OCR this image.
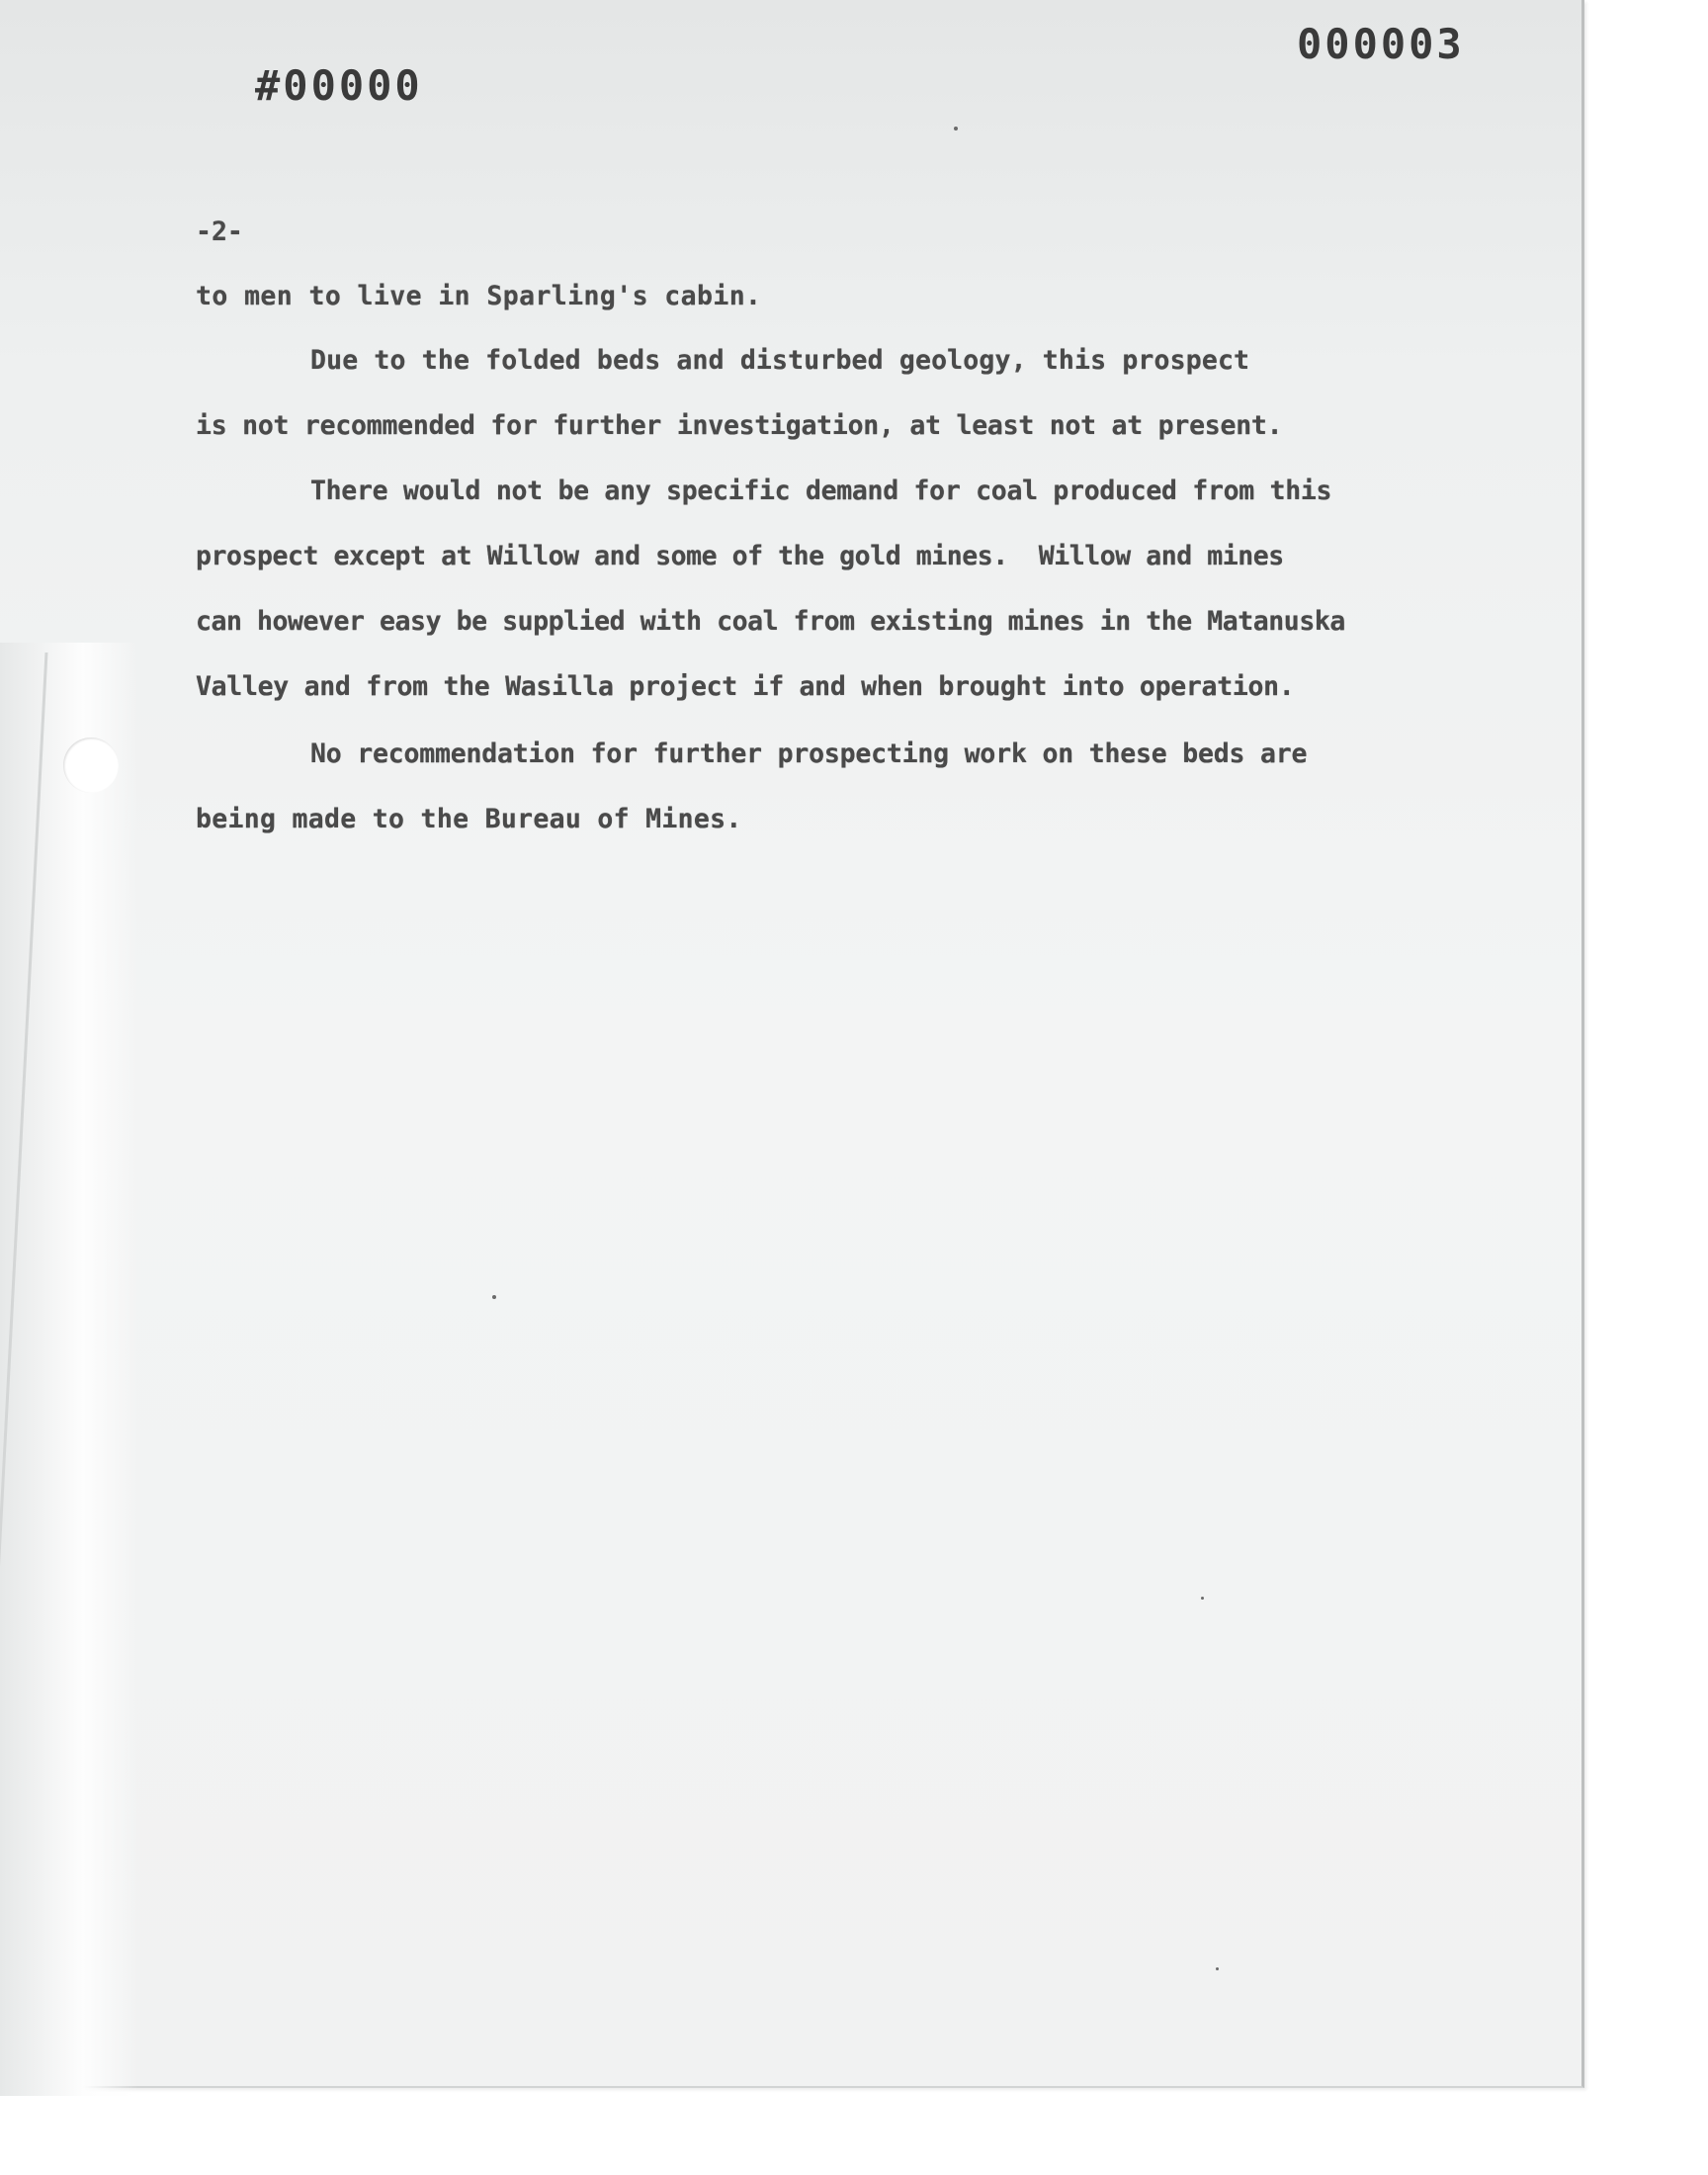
#00000
000003
-2-
to men to live in Sparling's cabin.
Due to the folded beds and disturbed geology, this prospect
is not recommended for further investigation, at least not at present.
There would not be any specific demand for coal produced from this
prospect except at Willow and some of the gold mines.  Willow and mines
can however easy be supplied with coal from existing mines in the Matanuska
Valley and from the Wasilla project if and when brought into operation.
No recommendation for further prospecting work on these beds are
being made to the Bureau of Mines.
